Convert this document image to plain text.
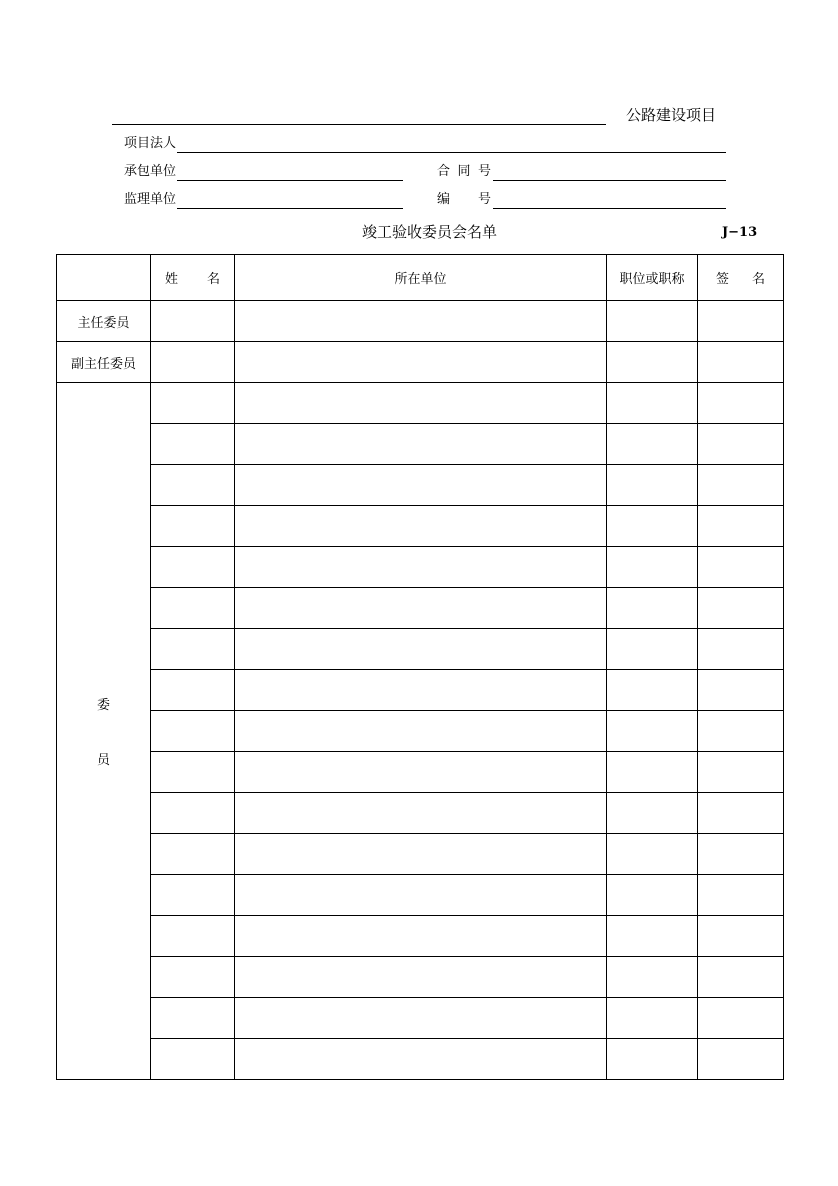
公路建设项目
项目法人
承包单位	合 同 号
监理单位	编 号
竣工验收委员会名单	J−13

	姓 名	所在单位	职位或职称	签 名

主任委员				
副主任委员				

委
员				
